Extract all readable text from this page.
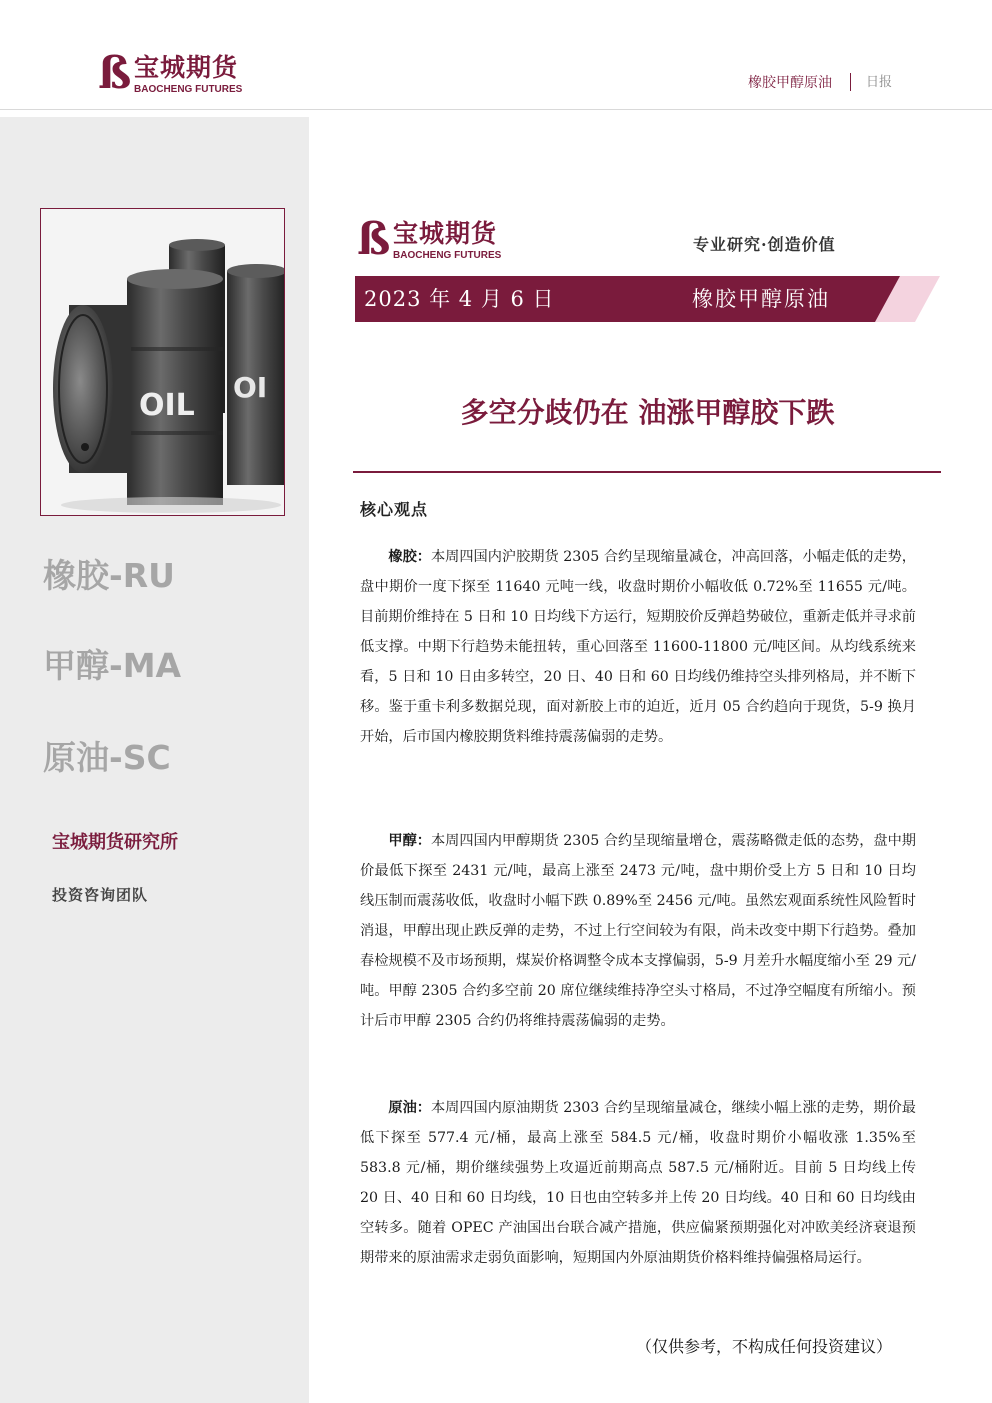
ß 宝城期货
BAOCHENG FUTURES	橡胶甲醇原油	日报
OI
OIL
橡胶-RU
甲醇-MA
原油-SC
宝城期货研究所
投资咨询团队
ß 宝城期货
BAOCHENG FUTURES
专业研究·创造价值
2023 年 4 月 6 日	橡胶甲醇原油
多空分歧仍在 油涨甲醇胶下跌
核心观点

橡胶：本周四国内沪胶期货 2305 合约呈现缩量减仓，冲高回落，小幅走低的走势，盘中期价一度下探至 11640 元吨一线，收盘时期价小幅收低 0.72%至 11655 元/吨。目前期价维持在 5 日和 10 日均线下方运行，短期胶价反弹趋势破位，重新走低并寻求前低支撑。中期下行趋势未能扭转，重心回落至 11600-11800 元/吨区间。从均线系统来看，5 日和 10 日由多转空，20 日、40 日和 60 日均线仍维持空头排列格局，并不断下移。鉴于重卡利多数据兑现，面对新胶上市的迫近，近月 05 合约趋向于现货，5-9 换月开始，后市国内橡胶期货料维持震荡偏弱的走势。

甲醇：本周四国内甲醇期货 2305 合约呈现缩量增仓，震荡略微走低的态势，盘中期价最低下探至 2431 元/吨，最高上涨至 2473 元/吨，盘中期价受上方 5 日和 10 日均线压制而震荡收低，收盘时小幅下跌 0.89%至 2456 元/吨。虽然宏观面系统性风险暂时消退，甲醇出现止跌反弹的走势，不过上行空间较为有限，尚未改变中期下行趋势。叠加春检规模不及市场预期，煤炭价格调整令成本支撑偏弱，5-9 月差升水幅度缩小至 29 元/吨。甲醇 2305 合约多空前 20 席位继续维持净空头寸格局，不过净空幅度有所缩小。预计后市甲醇 2305 合约仍将维持震荡偏弱的走势。

原油：本周四国内原油期货 2303 合约呈现缩量减仓，继续小幅上涨的走势，期价最低下探至 577.4 元/桶，最高上涨至 584.5 元/桶，收盘时期价小幅收涨 1.35%至 583.8 元/桶，期价继续强势上攻逼近前期高点 587.5 元/桶附近。目前 5 日均线上传 20 日、40 日和 60 日均线，10 日也由空转多并上传 20 日均线。40 日和 60 日均线由空转多。随着 OPEC 产油国出台联合减产措施，供应偏紧预期强化对冲欧美经济衰退预期带来的原油需求走弱负面影响，短期国内外原油期货价格料维持偏强格局运行。

（仅供参考，不构成任何投资建议）
